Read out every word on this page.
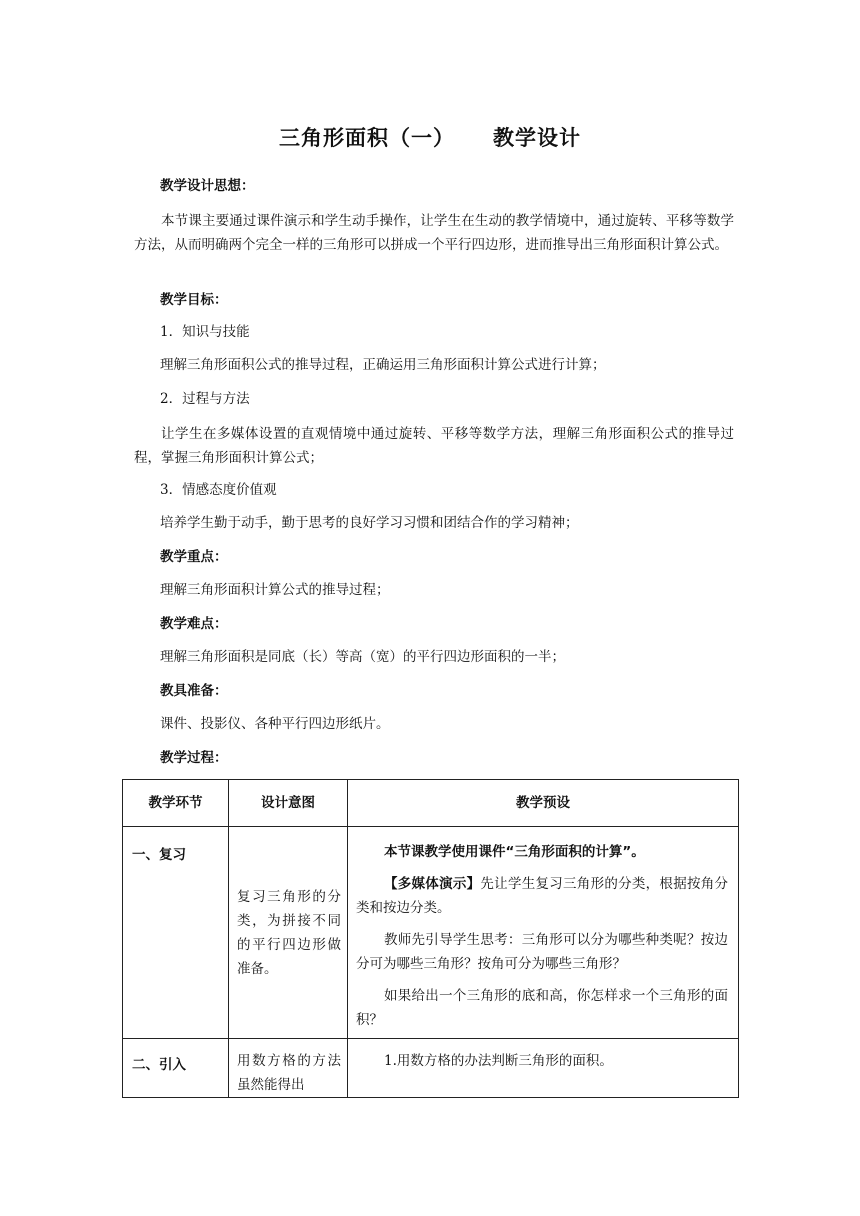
三角形面积（一） 教学设计
教学设计思想：
本节课主要通过课件演示和学生动手操作，让学生在生动的教学情境中，通过旋转、平移等数学方法，从而明确两个完全一样的三角形可以拼成一个平行四边形，进而推导出三角形面积计算公式。
教学目标：
1．知识与技能
理解三角形面积公式的推导过程，正确运用三角形面积计算公式进行计算；
2．过程与方法
让学生在多媒体设置的直观情境中通过旋转、平移等数学方法，理解三角形面积公式的推导过程，掌握三角形面积计算公式；
3．情感态度价值观
培养学生勤于动手，勤于思考的良好学习习惯和团结合作的学习精神；
教学重点：
理解三角形面积计算公式的推导过程；
教学难点：
理解三角形面积是同底（长）等高（宽）的平行四边形面积的一半；
教具准备：
课件、投影仪、各种平行四边形纸片。
教学过程：
教学环节	设计意图	教学预设
一、复习	复习三角形的分类，为拼接不同的平行四边形做准备。	本节课教学使用课件“三角形面积的计算”。

【多媒体演示】先让学生复习三角形的分类，根据按角分类和按边分类。

教师先引导学生思考：三角形可以分为哪些种类呢？按边分可为哪些三角形？按角可分为哪些三角形？

如果给出一个三角形的底和高，你怎样求一个三角形的面积？

二、引入	用数方格的方法虽然能得出	1.用数方格的办法判断三角形的面积。
